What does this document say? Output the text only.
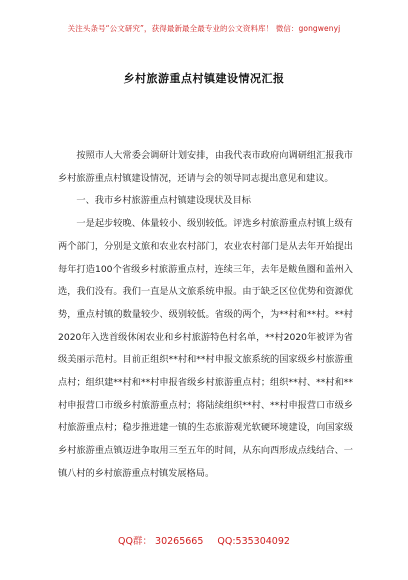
关注头条号“公文研究”，获得最新最全最专业的公文资料库！ 微信：gongwenyj
乡村旅游重点村镇建设情况汇报

按照市人大常委会调研计划安排，由我代表市政府向调研组汇报我市乡村旅游重点村镇建设情况，还请与会的领导同志提出意见和建议。

一、我市乡村旅游重点村镇建设现状及目标

一是起步较晚、体量较小、级别较低。评选乡村旅游重点村镇上级有两个部门，分别是文旅和农业农村部门，农业农村部门是从去年开始提出每年打造100个省级乡村旅游重点村，连续三年，去年是鲅鱼圈和盖州入选，我们没有。我们一直是从文旅系统申报。由于缺乏区位优势和资源优势，重点村镇的数量较少、级别较低。省级的两个，为**村和**村。**村2020年入选首级休闲农业和乡村旅游特色村名单，**村2020年被评为省级美丽示范村。目前正组织**村和**村申报文旅系统的国家级乡村旅游重点村；组织建**村和**村申报省级乡村旅游重点村；组织**村、**村和**村申报营口市级乡村旅游重点村；将陆续组织**村、**村申报营口市级乡村旅游重点村；稳步推进建一镇的生态旅游观光软硬环境建设，向国家级乡村旅游重点镇迈进争取用三至五年的时间，从东向西形成点线结合、一镇八村的乡村旅游重点村镇发展格局。

QQ群： 30265665 QQ:535304092
